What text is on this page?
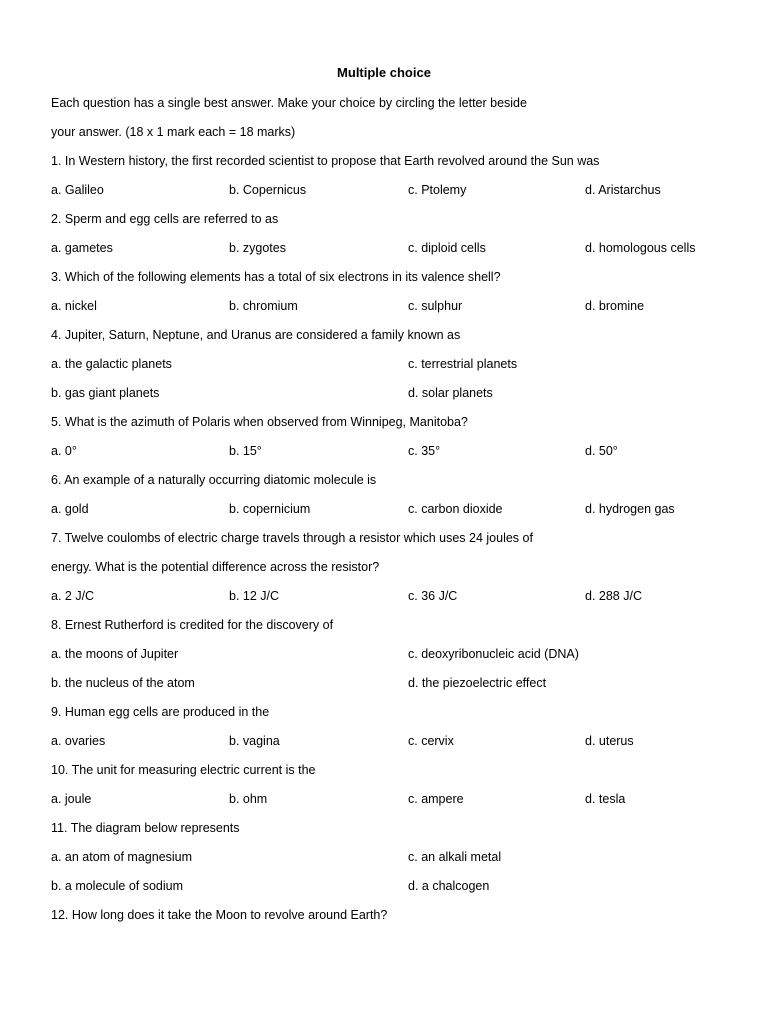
Multiple choice
Each question has a single best answer. Make your choice by circling the letter beside
your answer. (18 x 1 mark each = 18 marks)
1. In Western history, the first recorded scientist to propose that Earth revolved around the Sun was
a. Galileo	b. Copernicus	c. Ptolemy	d. Aristarchus
2. Sperm and egg cells are referred to as
a. gametes	b. zygotes	c. diploid cells	d. homologous cells
3. Which of the following elements has a total of six electrons in its valence shell?
a. nickel	b. chromium	c. sulphur	d. bromine
4. Jupiter, Saturn, Neptune, and Uranus are considered a family known as
a. the galactic planets
b. gas giant planets
c. terrestrial planets
d. solar planets
5. What is the azimuth of Polaris when observed from Winnipeg, Manitoba?
a. 0°	b. 15°	c. 35°	d. 50°
6. An example of a naturally occurring diatomic molecule is
a. gold	b. copernicium	c. carbon dioxide	d. hydrogen gas
7. Twelve coulombs of electric charge travels through a resistor which uses 24 joules of
energy. What is the potential difference across the resistor?
a. 2 J/C	b. 12 J/C	c. 36 J/C	d. 288 J/C
8. Ernest Rutherford is credited for the discovery of
a. the moons of Jupiter
b. the nucleus of the atom
c. deoxyribonucleic acid (DNA)
d. the piezoelectric effect
9. Human egg cells are produced in the
a. ovaries	b. vagina	c. cervix	d. uterus
10. The unit for measuring electric current is the
a. joule	b. ohm	c. ampere	d. tesla
11. The diagram below represents
a. an atom of magnesium
b. a molecule of sodium
c. an alkali metal
d. a chalcogen
12. How long does it take the Moon to revolve around Earth?
